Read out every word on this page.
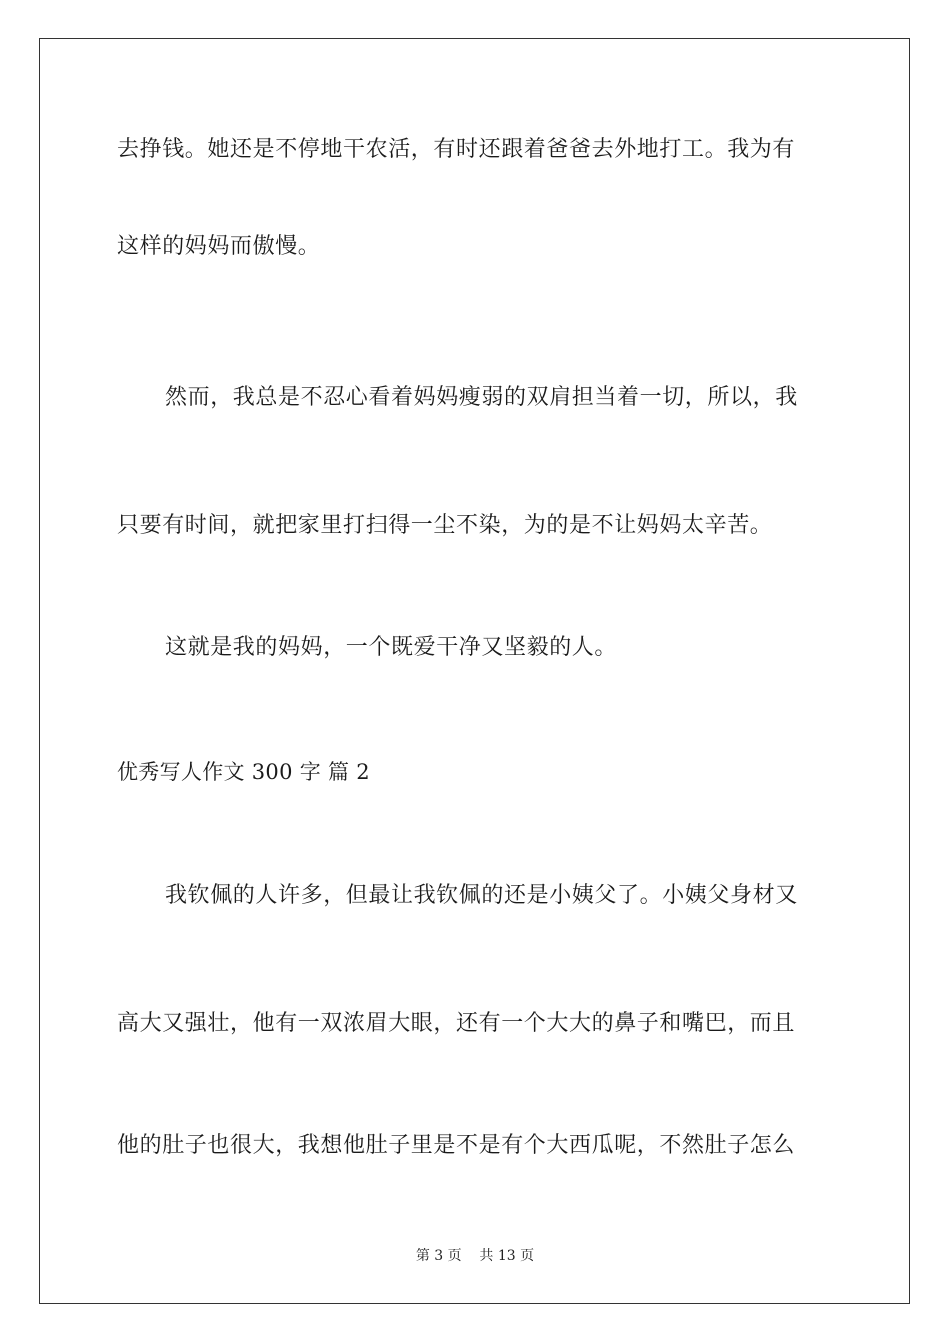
去挣钱。她还是不停地干农活，有时还跟着爸爸去外地打工。我为有
这样的妈妈而傲慢。
然而，我总是不忍心看着妈妈瘦弱的双肩担当着一切，所以，我
只要有时间，就把家里打扫得一尘不染，为的是不让妈妈太辛苦。
这就是我的妈妈，一个既爱干净又坚毅的人。
优秀写人作文 300 字 篇 2
我钦佩的人许多，但最让我钦佩的还是小姨父了。小姨父身材又
高大又强壮，他有一双浓眉大眼，还有一个大大的鼻子和嘴巴，而且
他的肚子也很大，我想他肚子里是不是有个大西瓜呢，不然肚子怎么
第 3 页    共 13 页
